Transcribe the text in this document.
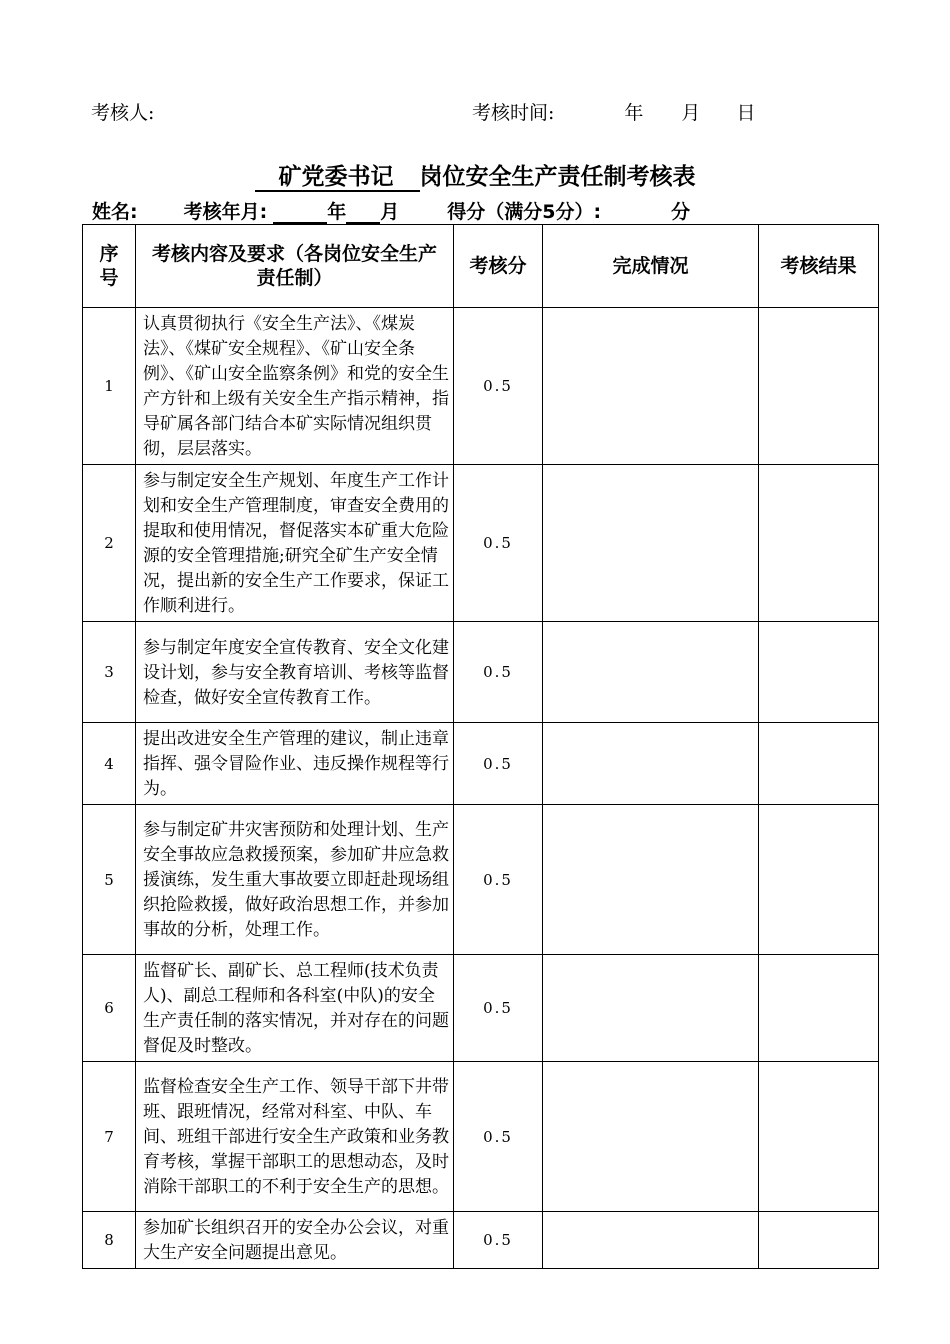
考核人:	考核时间:	年 月 日
矿党委书记 岗位安全生产责任制考核表
姓名: 考核年月:	年 月	得分（满分5分）:	分
序号	考核内容及要求（各岗位安全生产责任制）	考核分	完成情况	考核结果
1	认真贯彻执行《安全生产法》、《煤炭法》、《煤矿安全规程》、《矿山安全条例》、《矿山安全监察条例》和党的安全生产方针和上级有关安全生产指示精神，指导矿属各部门结合本矿实际情况组织贯彻，层层落实。	0.5		
2	参与制定安全生产规划、年度生产工作计划和安全生产管理制度，审查安全费用的提取和使用情况，督促落实本矿重大危险源的安全管理措施;研究全矿生产安全情况，提出新的安全生产工作要求，保证工作顺利进行。	0.5		
3	参与制定年度安全宣传教育、安全文化建设计划，参与安全教育培训、考核等监督检查，做好安全宣传教育工作。	0.5		
4	提出改进安全生产管理的建议，制止违章指挥、强令冒险作业、违反操作规程等行为。	0.5		
5	参与制定矿井灾害预防和处理计划、生产安全事故应急救援预案，参加矿井应急救援演练，发生重大事故要立即赶赴现场组织抢险救援，做好政治思想工作，并参加事故的分析，处理工作。	0.5		
6	监督矿长、副矿长、总工程师(技术负责人)、副总工程师和各科室(中队)的安全生产责任制的落实情况，并对存在的问题督促及时整改。	0.5		
7	监督检查安全生产工作、领导干部下井带班、跟班情况，经常对科室、中队、车间、班组干部进行安全生产政策和业务教育考核，掌握干部职工的思想动态，及时消除干部职工的不利于安全生产的思想。	0.5		
8	参加矿长组织召开的安全办公会议，对重大生产安全问题提出意见。	0.5		
